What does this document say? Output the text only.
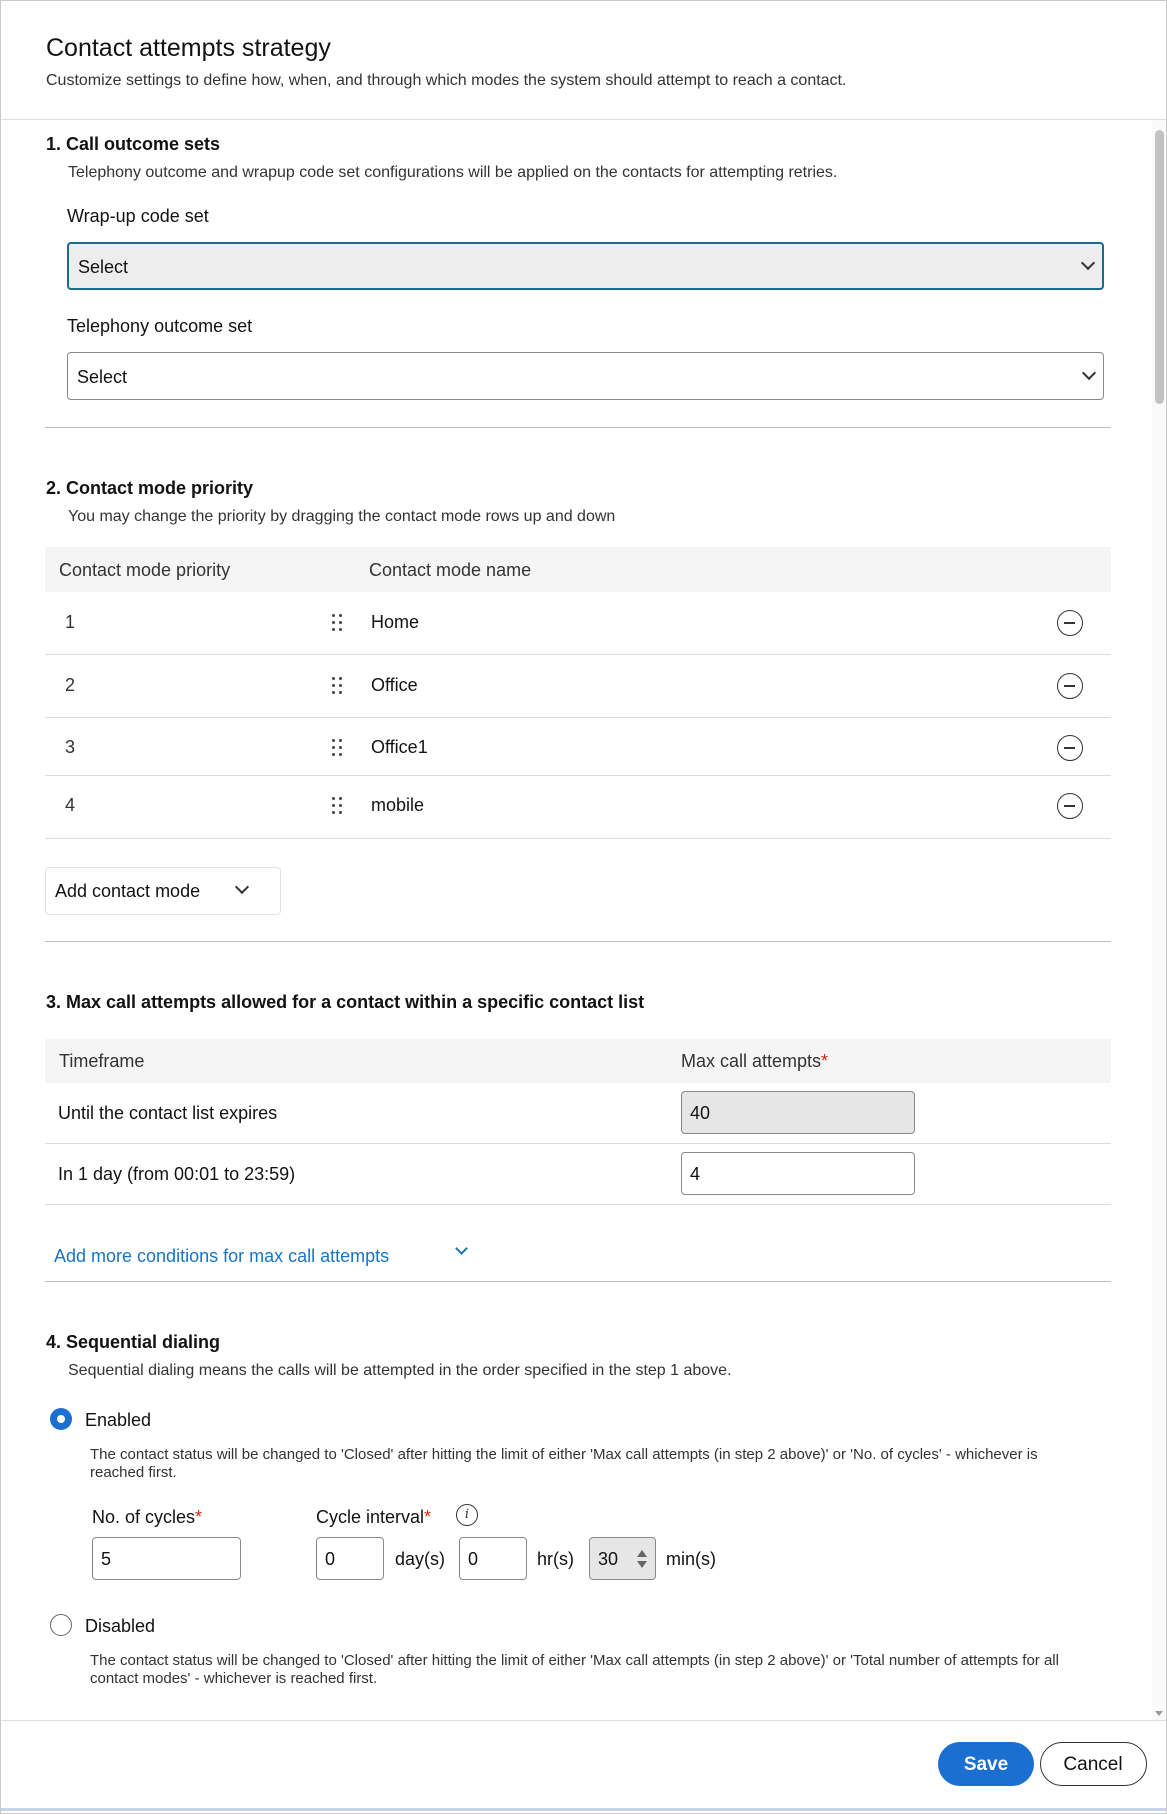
Contact attempts strategy
Customize settings to define how, when, and through which modes the system should attempt to reach a contact.
1. Call outcome sets
Telephony outcome and wrapup code set configurations will be applied on the contacts for attempting retries.
Wrap-up code set
Select
Telephony outcome set
Select
2. Contact mode priority
You may change the priority by dragging the contact mode rows up and down
Contact mode priority	Contact mode name
1	Home
2	Office
3	Office1
4	mobile
Add contact mode
3. Max call attempts allowed for a contact within a specific contact list
Timeframe	Max call attempts*
Until the contact list expires	40
In 1 day (from 00:01 to 23:59)	4
Add more conditions for max call attempts
4. Sequential dialing
Sequential dialing means the calls will be attempted in the order specified in the step 1 above.
Enabled
The contact status will be changed to 'Closed' after hitting the limit of either 'Max call attempts (in step 2 above)' or 'No. of cycles' - whichever is reached first.
No. of cycles*
5
Cycle interval*	i
0	day(s) 0	hr(s) 30	min(s)
Disabled
The contact status will be changed to 'Closed' after hitting the limit of either 'Max call attempts (in step 2 above)' or 'Total number of attempts for all contact modes' - whichever is reached first.
Save	Cancel
